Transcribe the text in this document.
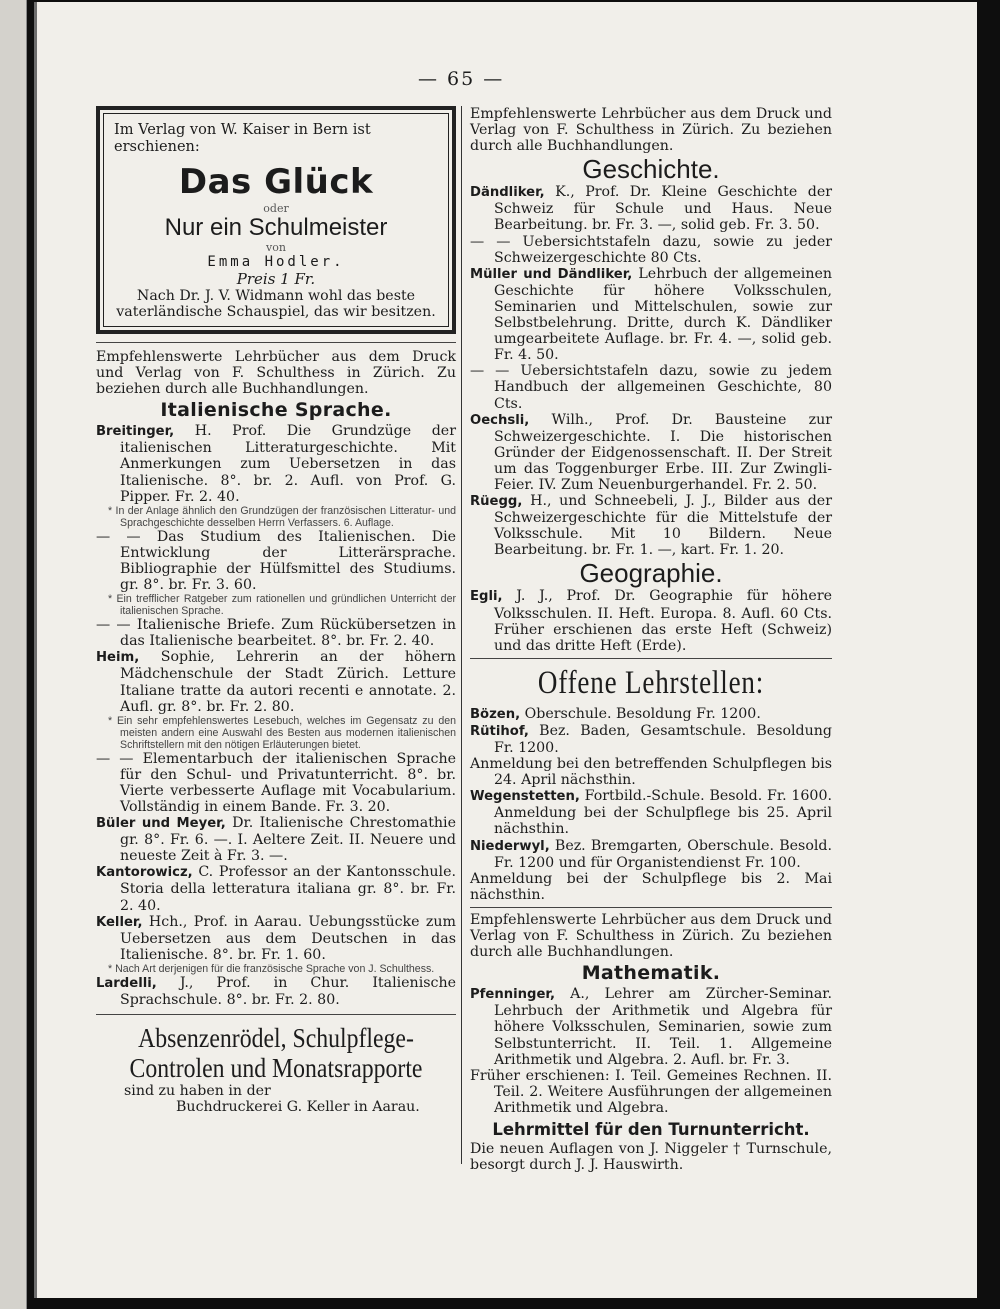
— 65 —
Im Verlag von W. Kaiser in Bern ist erschienen:
Das Glück
oder
Nur ein Schulmeister
von
Emma Hodler.
Preis 1 Fr.
Nach Dr. J. V. Widmann wohl das beste vaterländische Schauspiel, das wir besitzen.
Empfehlenswerte Lehrbücher aus dem Druck und Verlag von F. Schulthess in Zürich. Zu beziehen durch alle Buchhandlungen.
Italienische Sprache.

Breitinger, H. Prof. Die Grundzüge der italienischen Litteraturgeschichte. Mit Anmerkungen zum Uebersetzen in das Italienische. 8°. br. 2. Aufl. von Prof. G. Pipper. Fr. 2. 40.

* In der Anlage ähnlich den Grundzügen der französischen Litteratur- und Sprachgeschichte desselben Herrn Verfassers. 6. Auflage.

— — Das Studium des Italienischen. Die Entwicklung der Litterärsprache. Bibliographie der Hülfsmittel des Studiums. gr. 8°. br. Fr. 3. 60.

* Ein trefflicher Ratgeber zum rationellen und gründlichen Unterricht der italienischen Sprache.

— — Italienische Briefe. Zum Rückübersetzen in das Italienische bearbeitet. 8°. br. Fr. 2. 40.

Heim, Sophie, Lehrerin an der höhern Mädchenschule der Stadt Zürich. Letture Italiane tratte da autori recenti e annotate. 2. Aufl. gr. 8°. br. Fr. 2. 80.

* Ein sehr empfehlenswertes Lesebuch, welches im Gegensatz zu den meisten andern eine Auswahl des Besten aus modernen italienischen Schriftstellern mit den nötigen Erläuterungen bietet.

— — Elementarbuch der italienischen Sprache für den Schul- und Privatunterricht. 8°. br. Vierte verbesserte Auflage mit Vocabularium. Vollständig in einem Bande. Fr. 3. 20.

Büler und Meyer, Dr. Italienische Chrestomathie gr. 8°. Fr. 6. —. I. Aeltere Zeit. II. Neuere und neueste Zeit à Fr. 3. —.

Kantorowicz, C. Professor an der Kantonsschule. Storia della letteratura italiana gr. 8°. br. Fr. 2. 40.

Keller, Hch., Prof. in Aarau. Uebungsstücke zum Uebersetzen aus dem Deutschen in das Italienische. 8°. br. Fr. 1. 60.

* Nach Art derjenigen für die französische Sprache von J. Schulthess.

Lardelli, J., Prof. in Chur. Italienische Sprachschule. 8°. br. Fr. 2. 80.

Absenzenrödel, Schulpflege-
Controlen und Monatsrapporte
sind zu haben in der
Buchdruckerei G. Keller in Aarau.
Empfehlenswerte Lehrbücher aus dem Druck und Verlag von F. Schulthess in Zürich. Zu beziehen durch alle Buchhandlungen.
Geschichte.

Dändliker, K., Prof. Dr. Kleine Geschichte der Schweiz für Schule und Haus. Neue Bearbeitung. br. Fr. 3. —, solid geb. Fr. 3. 50.

— — Uebersichtstafeln dazu, sowie zu jeder Schweizergeschichte 80 Cts.

Müller und Dändliker, Lehrbuch der allgemeinen Geschichte für höhere Volksschulen, Seminarien und Mittelschulen, sowie zur Selbstbelehrung. Dritte, durch K. Dändliker umgearbeitete Auflage. br. Fr. 4. —, solid geb. Fr. 4. 50.

— — Uebersichtstafeln dazu, sowie zu jedem Handbuch der allgemeinen Geschichte, 80 Cts.

Oechsli, Wilh., Prof. Dr. Bausteine zur Schweizergeschichte. I. Die historischen Gründer der Eidgenossenschaft. II. Der Streit um das Toggenburger Erbe. III. Zur Zwingli-Feier. IV. Zum Neuenburgerhandel. Fr. 2. 50.

Rüegg, H., und Schneebeli, J. J., Bilder aus der Schweizergeschichte für die Mittelstufe der Volksschule. Mit 10 Bildern. Neue Bearbeitung. br. Fr. 1. —, kart. Fr. 1. 20.

Geographie.

Egli, J. J., Prof. Dr. Geographie für höhere Volksschulen. II. Heft. Europa. 8. Aufl. 60 Cts. Früher erschienen das erste Heft (Schweiz) und das dritte Heft (Erde).

Offene Lehrstellen:

Bözen, Oberschule. Besoldung Fr. 1200.

Rütihof, Bez. Baden, Gesamtschule. Besoldung Fr. 1200.

Anmeldung bei den betreffenden Schulpflegen bis 24. April nächsthin.

Wegenstetten, Fortbild.-Schule. Besold. Fr. 1600. Anmeldung bei der Schulpflege bis 25. April nächsthin.

Niederwyl, Bez. Bremgarten, Oberschule. Besold. Fr. 1200 und für Organistendienst Fr. 100.

Anmeldung bei der Schulpflege bis 2. Mai nächsthin.

Empfehlenswerte Lehrbücher aus dem Druck und Verlag von F. Schulthess in Zürich. Zu beziehen durch alle Buchhandlungen.
Mathematik.

Pfenninger, A., Lehrer am Zürcher-Seminar. Lehrbuch der Arithmetik und Algebra für höhere Volksschulen, Seminarien, sowie zum Selbstunterricht. II. Teil. 1. Allgemeine Arithmetik und Algebra. 2. Aufl. br. Fr. 3.

Früher erschienen: I. Teil. Gemeines Rechnen. II. Teil. 2. Weitere Ausführungen der allgemeinen Arithmetik und Algebra.

Lehrmittel für den Turnunterricht.

Die neuen Auflagen von J. Niggeler † Turnschule, besorgt durch J. J. Hauswirth.
